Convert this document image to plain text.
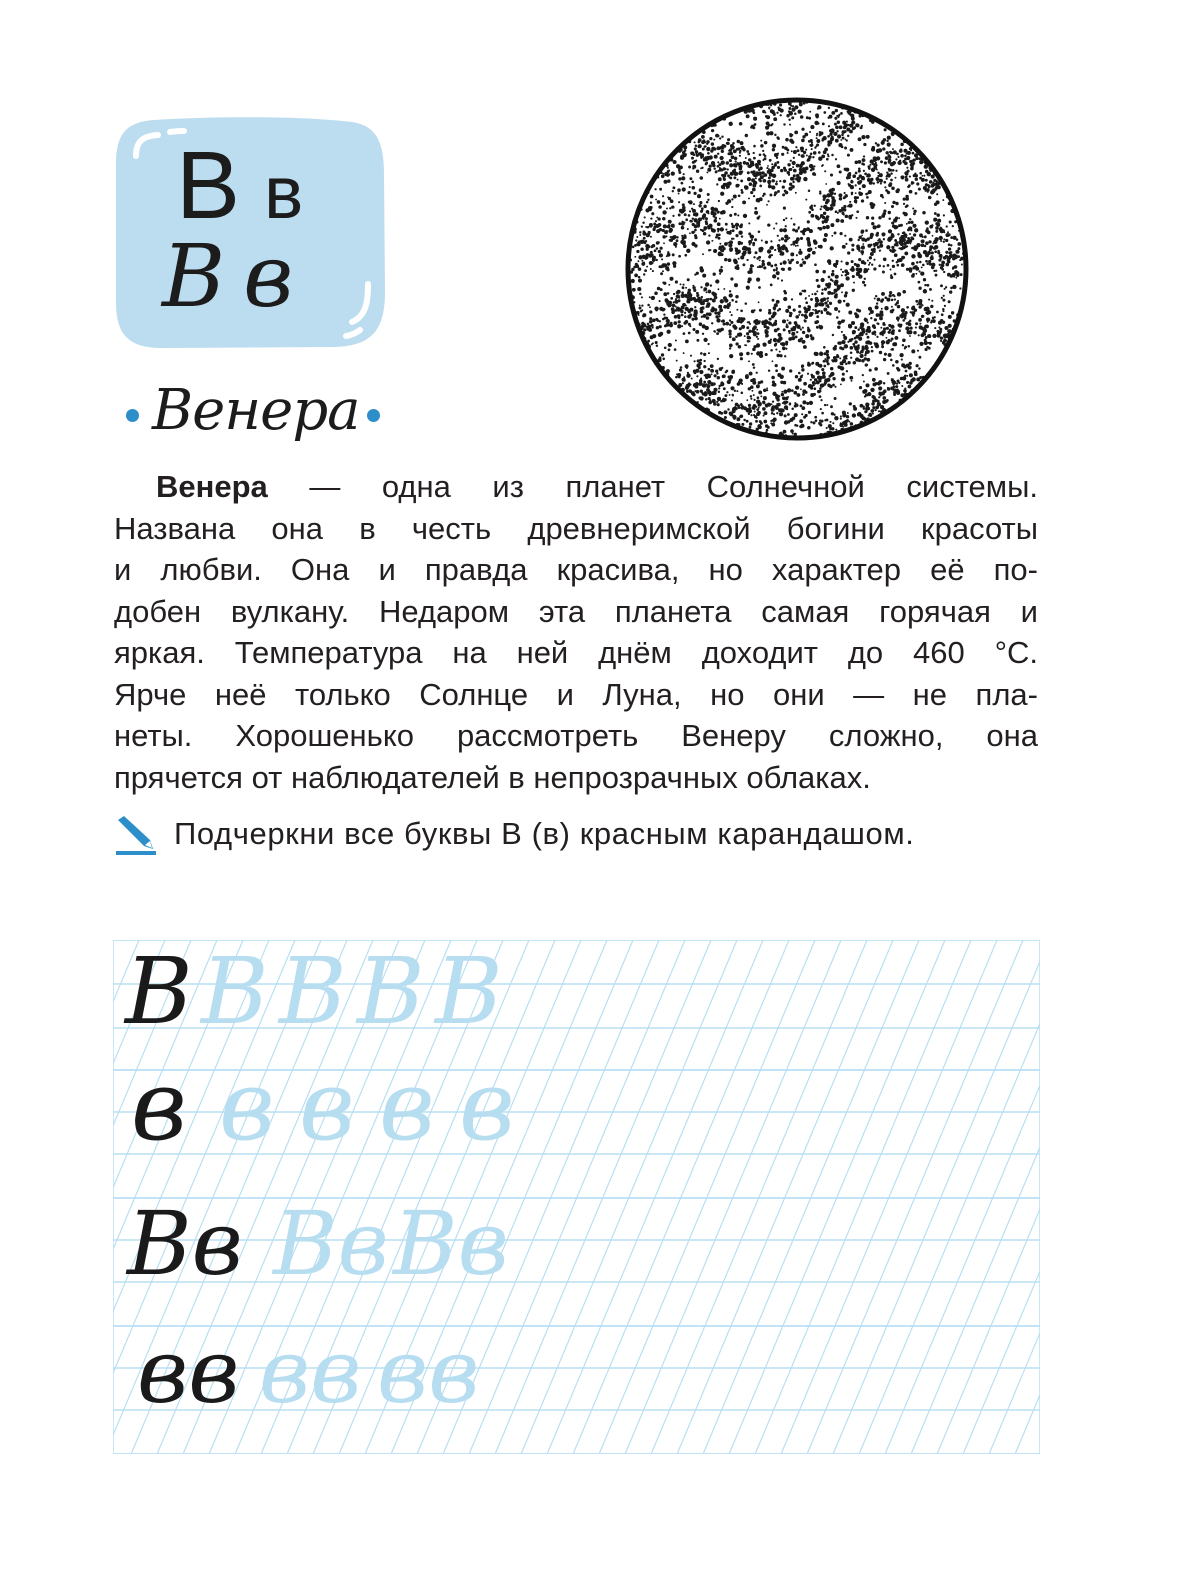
В в
В в
Венера
Венера — одна из планет Солнечной системы.
Названа она в честь древнеримской богини красоты
и любви. Она и правда красива, но характер её по-
добен вулкану. Недаром эта планета самая горячая и
яркая. Температура на ней днём доходит до 460 °С.
Ярче неё только Солнце и Луна, но они — не пла-
неты. Хорошенько рассмотреть Венеру сложно, она
прячется от наблюдателей в непрозрачных облаках.
Подчеркни все буквы В (в) красным карандашом.
В В В В В
в в в в в
Вв Вв Вв
вв вв вв
